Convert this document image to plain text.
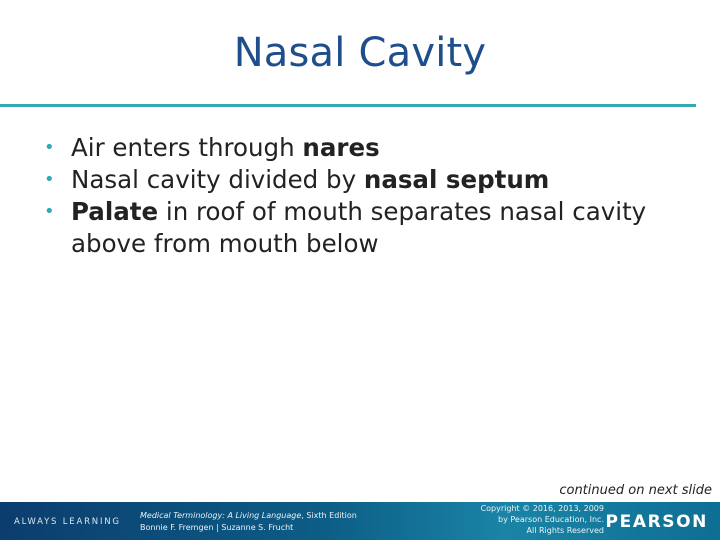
Nasal Cavity
• Air enters through nares
• Nasal cavity divided by nasal septum
• Palate in roof of mouth separates nasal cavity above from mouth below
continued on next slide
ALWAYS LEARNING
Medical Terminology: A Living Language, Sixth Edition
Bonnie F. Fremgen | Suzanne S. Frucht
Copyright © 2016, 2013, 2009
by Pearson Education, Inc.
All Rights Reserved PEARSON
